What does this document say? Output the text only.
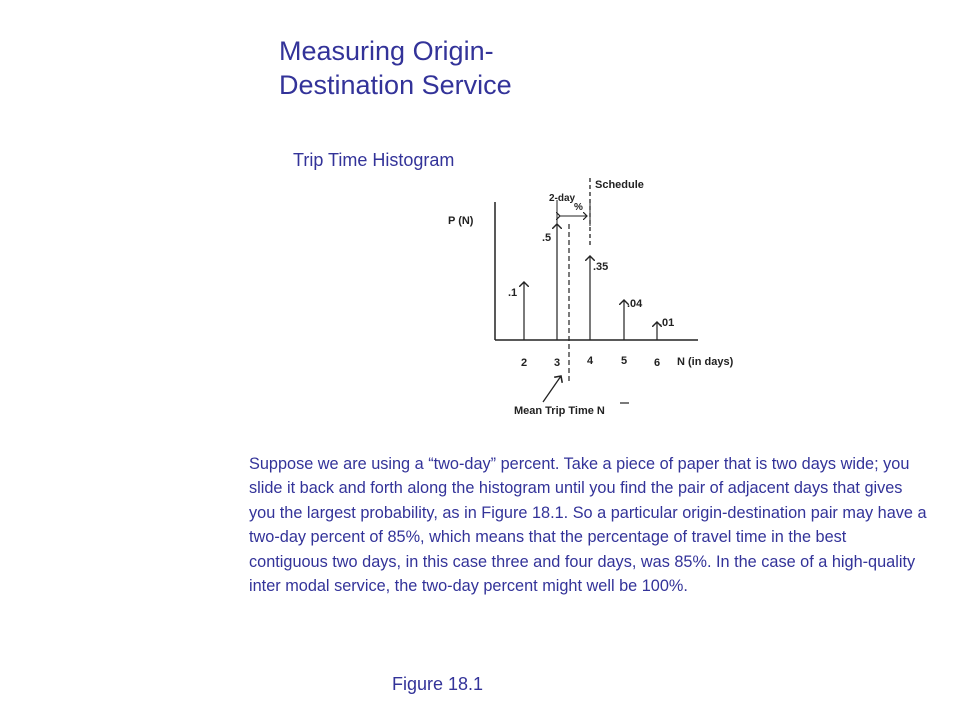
Measuring Origin-
Destination Service
Trip Time Histogram
P (N)
N (in days)
.1
.5
.35
.04
.01
2 3 4	5 6
Schedule
2-day
%
Mean Trip Time N

Suppose we are using a “two-day” percent. Take a piece of paper that is two days wide; you slide it back and forth along the histogram until you find the pair of adjacent days that gives you the largest probability, as in Figure 18.1. So a particular origin-destination pair may have a two-day percent of 85%, which means that the percentage of travel time in the best contiguous two days, in this case three and four days, was 85%. In the case of a high-quality inter modal service, the two-day percent might well be 100%.

Figure 18.1
